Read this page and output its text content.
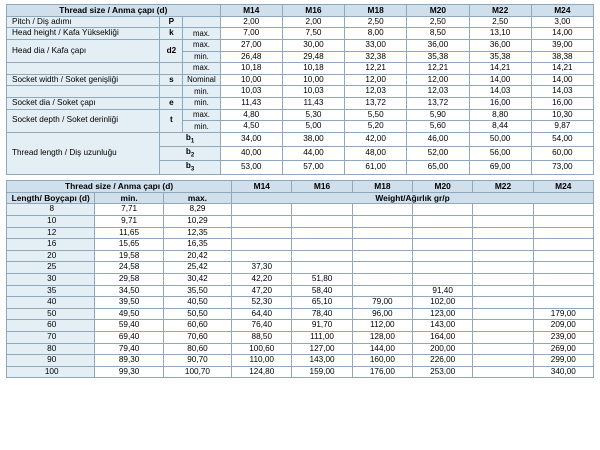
Thread size / Anma çapı (d)			M14	M16	M18	M20	M22	M24
Pitch / Diş adımı	P		2,00	2,00	2,50	2,50	2,50	3,00
Head height / Kafa Yüksekliği	k	max.	7,00	7,50	8,00	8,50	13,10	14,00
Head dia / Kafa çapı	d2	max.	27,00	30,00	33,00	36,00	36,00	39,00
		min.	26,48	29,48	32,38	35,38	35,38	38,38
		max.	10,18	10,18	12,21	12,21	14,21	14,21
Socket width / Soket genişliği	s	Nominal	10,00	10,00	12,00	12,00	14,00	14,00
		min.	10,03	10,03	12,03	12,03	14,03	14,03
Socket dia / Soket çapı	e	min.	11,43	11,43	13,72	13,72	16,00	16,00
Socket depth / Soket derinliği	t	max.	4,80	5,30	5,50	5,90	8,80	10,30
		min.	4,50	5,00	5,20	5,60	8,44	9,87
Thread length / Diş uzunluğu	$b_1$		34,00	38,00	42,00	46,00	50,00	54,00
	$b_2$		40,00	44,00	48,00	52,00	56,00	60,00
	$b_3$		53,00	57,00	61,00	65,00	69,00	73,00
Thread size / Anma çapı (d)			M14	M16	M18	M20	M22	M24
Length/ Boyçapı (d)	min.	max.	Weight/Ağırlık gr/p					
8	7,71	8,29						
10	9,71	10,29						
12	11,65	12,35						
16	15,65	16,35						
20	19,58	20,42						
25	24,58	25,42	37,30					
30	29,58	30,42	42,20	51,80				
35	34,50	35,50	47,20	58,40		91,40		
40	39,50	40,50	52,30	65,10	79,00	102,00		
50	49,50	50,50	64,40	78,40	96,00	123,00		179,00
60	59,40	60,60	76,40	91,70	112,00	143,00		209,00
70	69,40	70,60	88,50	111,00	128,00	164,00		239,00
80	79,40	80,60	100,60	127,00	144,00	200,00		269,00
90	89,30	90,70	110,00	143,00	160,00	226,00		299,00
100	99,30	100,70	124,80	159,00	176,00	253,00		340,00
